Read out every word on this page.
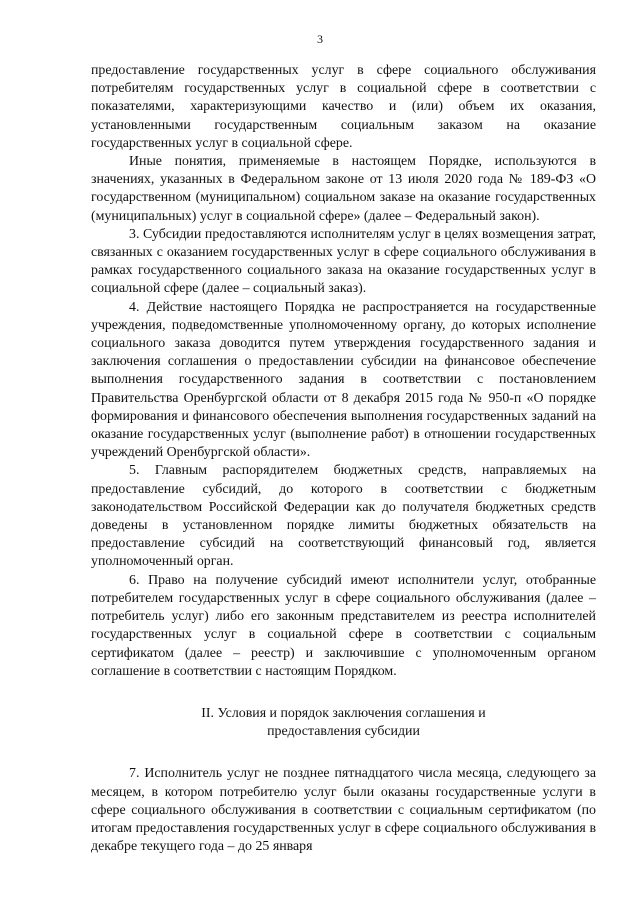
3

предоставление государственных услуг в сфере социального обслуживания потребителям государственных услуг в социальной сфере в соответствии с показателями, характеризующими качество и (или) объем их оказания, установленными государственным социальным заказом на оказание государственных услуг в социальной сфере.

Иные понятия, применяемые в настоящем Порядке, используются в значениях, указанных в Федеральном законе от 13 июля 2020 года № 189-ФЗ «О государственном (муниципальном) социальном заказе на оказание государственных (муниципальных) услуг в социальной сфере» (далее – Федеральный закон).

3. Субсидии предоставляются исполнителям услуг в целях возмещения затрат, связанных с оказанием государственных услуг в сфере социального обслуживания в рамках государственного социального заказа на оказание государственных услуг в социальной сфере (далее – социальный заказ).

4. Действие настоящего Порядка не распространяется на государственные учреждения, подведомственные уполномоченному органу, до которых исполнение социального заказа доводится путем утверждения государственного задания и заключения соглашения о предоставлении субсидии на финансовое обеспечение выполнения государственного задания в соответствии с постановлением Правительства Оренбургской области от 8 декабря 2015 года № 950-п «О порядке формирования и финансового обеспечения выполнения государственных заданий на оказание государственных услуг (выполнение работ) в отношении государственных учреждений Оренбургской области».

5. Главным распорядителем бюджетных средств, направляемых на предоставление субсидий, до которого в соответствии с бюджетным законодательством Российской Федерации как до получателя бюджетных средств доведены в установленном порядке лимиты бюджетных обязательств на предоставление субсидий на соответствующий финансовый год, является уполномоченный орган.

6. Право на получение субсидий имеют исполнители услуг, отобранные потребителем государственных услуг в сфере социального обслуживания (далее – потребитель услуг) либо его законным представителем из реестра исполнителей государственных услуг в социальной сфере в соответствии с социальным сертификатом (далее – реестр) и заключившие с уполномоченным органом соглашение в соответствии с настоящим Порядком.

II. Условия и порядок заключения соглашения и
предоставления субсидии

7. Исполнитель услуг не позднее пятнадцатого числа месяца, следующего за месяцем, в котором потребителю услуг были оказаны государственные услуги в сфере социального обслуживания в соответствии с социальным сертификатом (по итогам предоставления государственных услуг в сфере социального обслуживания в декабре текущего года – до 25 января
